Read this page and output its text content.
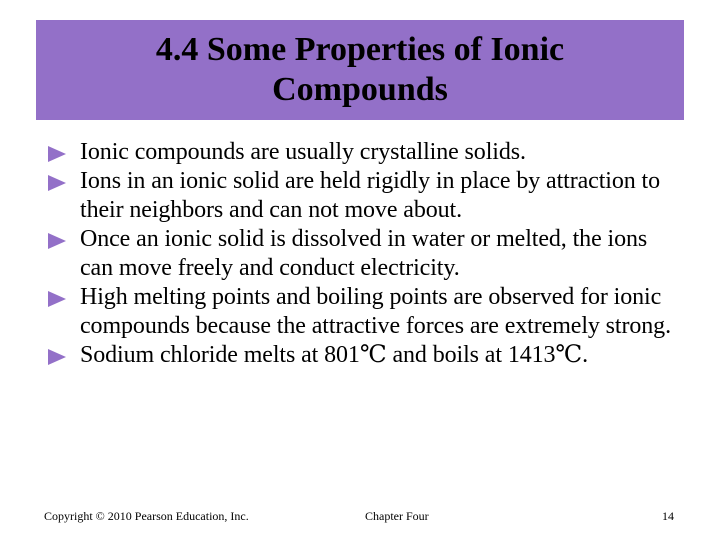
4.4 Some Properties of Ionic Compounds
Ionic compounds are usually crystalline solids.
Ions in an ionic solid are held rigidly in place by attraction to their neighbors and can not move about.
Once an ionic solid is dissolved in water or melted, the ions can move freely and conduct electricity.
High melting points and boiling points are observed for ionic compounds because the attractive forces are extremely strong.
Sodium chloride melts at 801℃ and boils at 1413℃.
Copyright © 2010 Pearson Education, Inc.	Chapter Four	14
